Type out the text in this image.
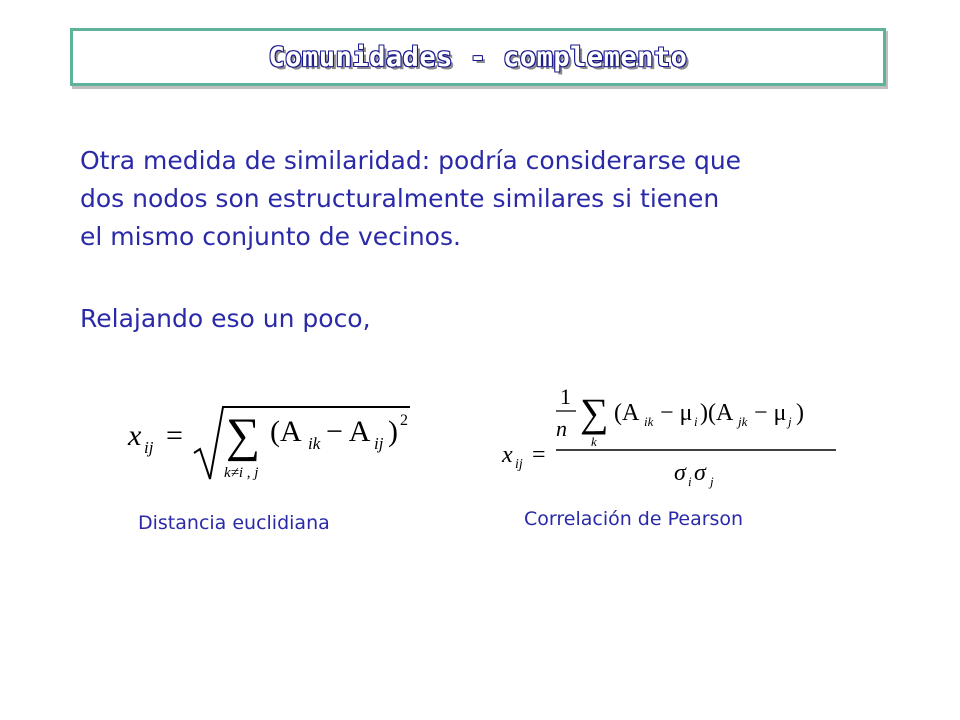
Comunidades - complemento

Otra medida de similaridad: podría considerarse que
dos nodos son estructuralmente similares si tienen
el mismo conjunto de vecinos.

Relajando eso un poco,

x ij = ∑
k≠i , j
(A ik − A ij ) 2
x ij =
1
n ∑
k
(A ik − μ i )(A jk − μ j )
σ i σ j
Distancia euclidiana	Correlación de Pearson
